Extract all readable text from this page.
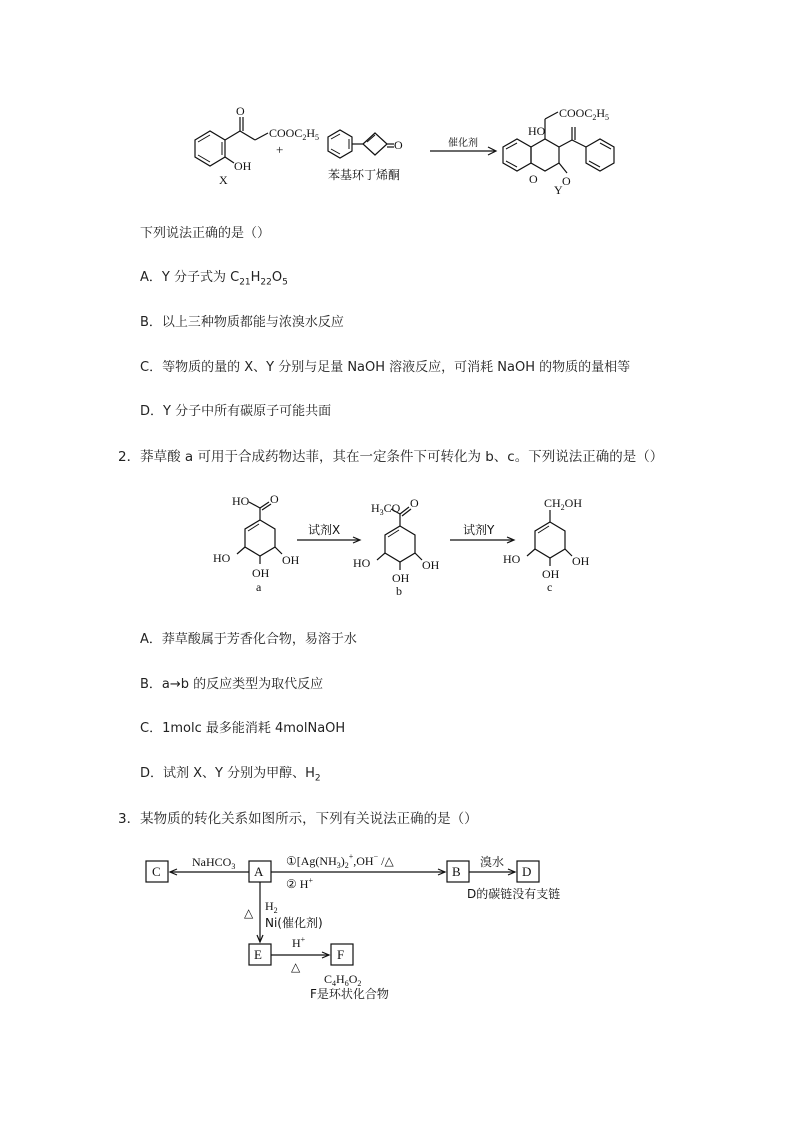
O
$COOC_2H_5$
OH
X
+	O
苯基环丁烯酮
催化剂
HO
$COOC_2H_5$
O O
Y
下列说法正确的是（）
A．Y 分子式为 $C_{21}H_{22}O_5$
B．以上三种物质都能与浓溴水反应
C．等物质的量的 X、Y 分别与足量 NaOH 溶液反应，可消耗 NaOH 的物质的量相等
D．Y 分子中所有碳原子可能共面
2．莽草酸 a 可用于合成药物达菲，其在一定条件下可转化为 b、c。下列说法正确的是（）
HO O
HO	OH
OH
a
试剂X
$H_3CO$ O
HO	OH
OH
b
试剂Y
$CH_2OH$
HO	OH
OH
c
A．莽草酸属于芳香化合物，易溶于水
B．a→b 的反应类型为取代反应
C．1molc 最多能消耗 4molNaOH
D．试剂 X、Y 分别为甲醇、$H_2$
3．某物质的转化关系如图所示，下列有关说法正确的是（）
C	A	B	D
E	F
NaHCO$_3$	$①[Ag(NH_3)_2^+,OH^-$ /△
② H+
溴水
D的碳链没有支链
△ $H_2$
Ni(催化剂)
H+
△
$C_4H_6O_2$
F是环状化合物
